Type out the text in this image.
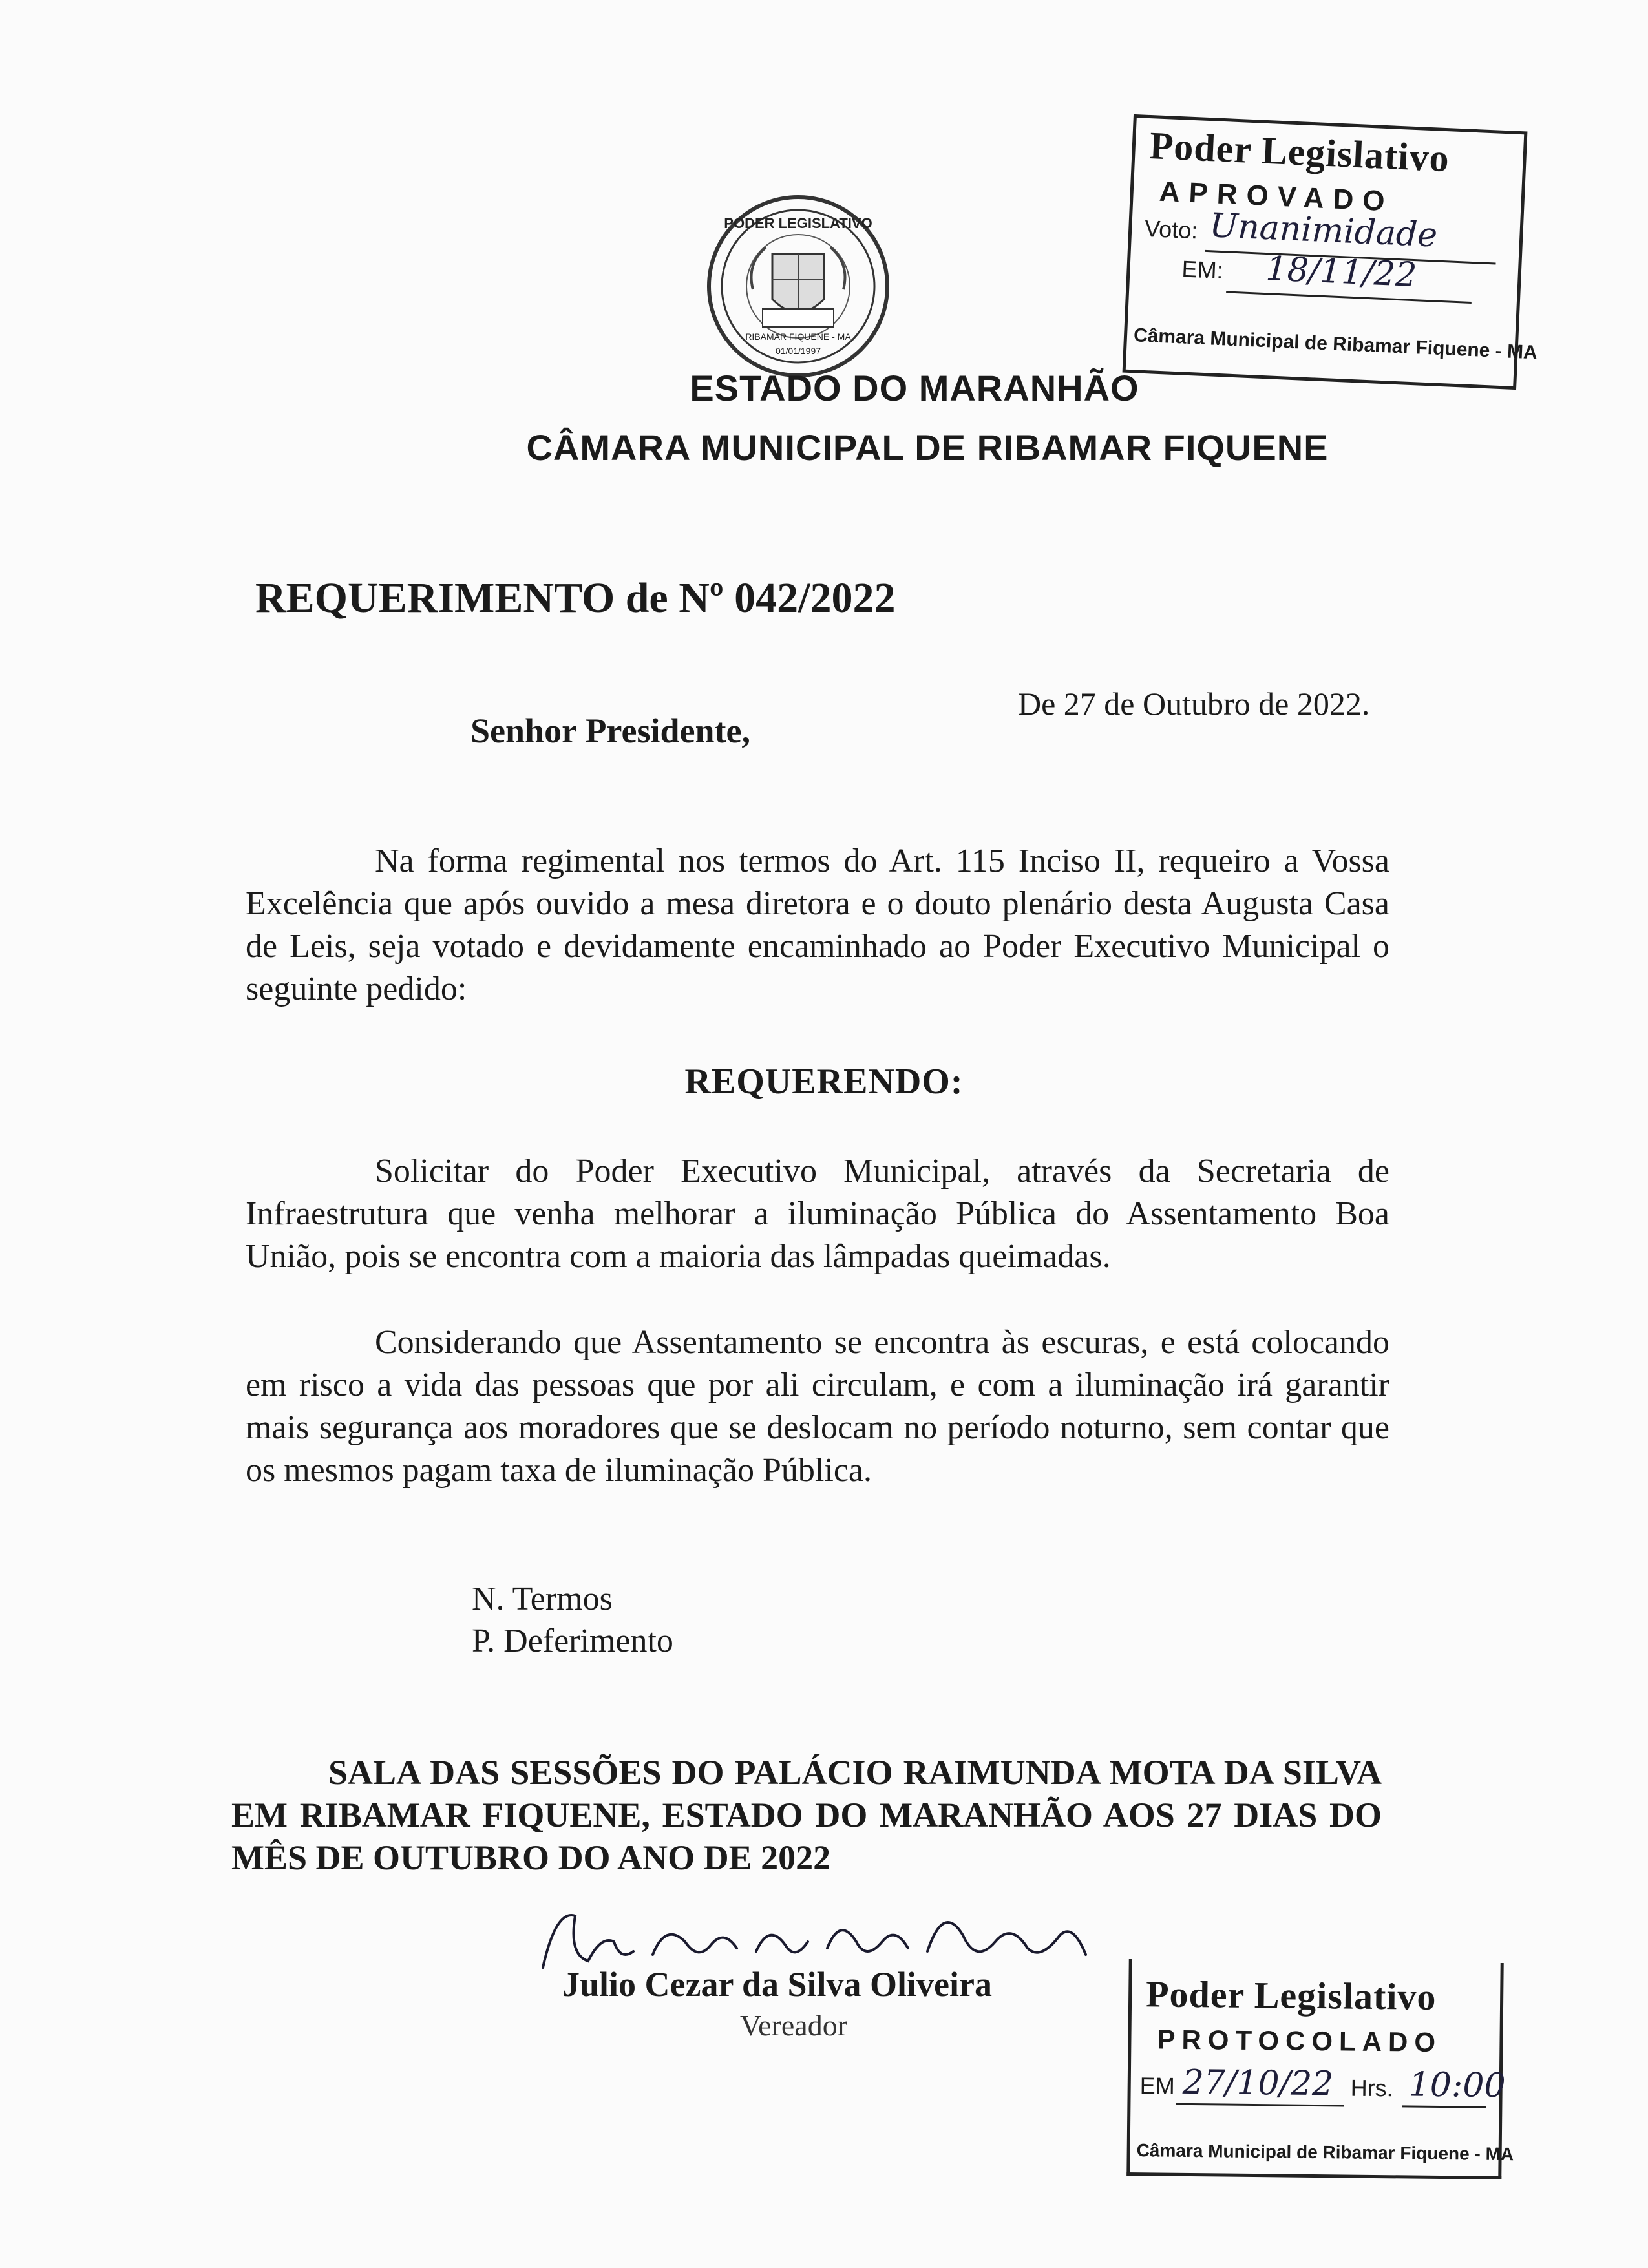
PODER LEGISLATIVO
RIBAMAR FIQUENE - MA
01/01/1997
ESTADO DO MARANHÃO
CÂMARA MUNICIPAL DE RIBAMAR FIQUENE
Poder Legislativo
APROVADO
Voto: Unanimidade
EM: 18/11/22
Câmara Municipal de Ribamar Fiquene - MA
REQUERIMENTO de Nº 042/2022
De 27 de Outubro de 2022.
Senhor Presidente,
Na forma regimental nos termos do Art. 115 Inciso II, requeiro a Vossa Excelência que após ouvido a mesa diretora e o douto plenário desta Augusta Casa de Leis, seja votado e devidamente encaminhado ao Poder Executivo Municipal o seguinte pedido:
REQUERENDO:
Solicitar do Poder Executivo Municipal, através da Secretaria de Infraestrutura que venha melhorar a iluminação Pública do Assentamento Boa União, pois se encontra com a maioria das lâmpadas queimadas.
Considerando que Assentamento se encontra às escuras, e está colocando em risco a vida das pessoas que por ali circulam, e com a iluminação irá garantir mais segurança aos moradores que se deslocam no período noturno, sem contar que os mesmos pagam taxa de iluminação Pública.
N. Termos
P. Deferimento
SALA DAS SESSÕES DO PALÁCIO RAIMUNDA MOTA DA SILVA EM RIBAMAR FIQUENE, ESTADO DO MARANHÃO AOS 27 DIAS DO MÊS DE OUTUBRO DO ANO DE 2022
Julio Cezar da Silva Oliveira
Vereador
Poder Legislativo
PROTOCOLADO
EM 27/10/22 Hrs. 10:00
Câmara Municipal de Ribamar Fiquene - MA
